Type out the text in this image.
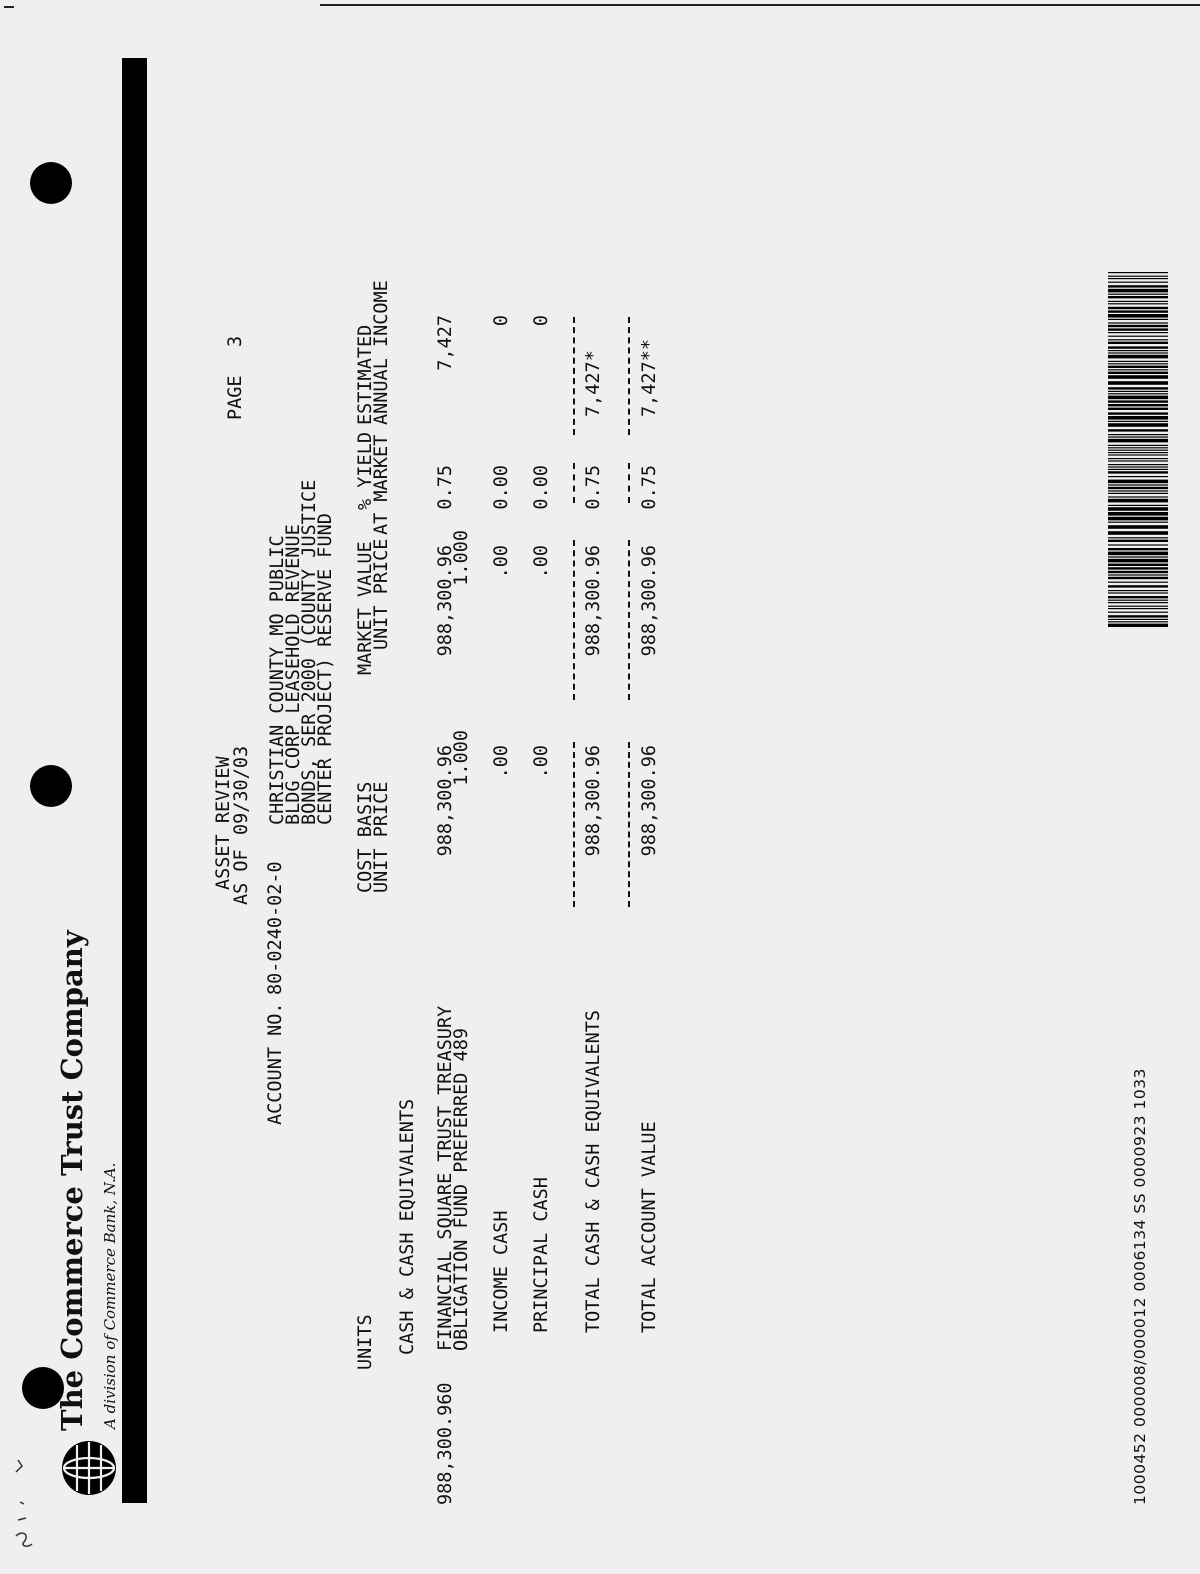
The Commerce Trust Company A division of Commerce Bank, N.A.
ACCOUNT NO.
80-0240-02-0
ASSET REVIEW
AS OF
09/30/03
PAGE
3
CHRISTIAN COUNTY MO PUBLIC
BLDG CORP LEASEHOLD REVENUE
BONDS, SER 2000 (COUNTY JUSTICE
CENTER PROJECT) RESERVE FUND
UNITS
COST BASIS
UNIT PRICE
MARKET VALUE
UNIT PRICE
% YIELD
AT MARKET
ESTIMATED
ANNUAL INCOME
CASH & CASH EQUIVALENTS
988,300.960
FINANCIAL SQUARE TRUST TREASURY
OBLIGATION FUND PREFERRED 489
988,300.96
1.000
988,300.96
1.000
0.75
7,427
INCOME CASH
.00
.00
0.00
0
PRINCIPAL CASH
.00
.00
0.00
0
TOTAL CASH & CASH EQUIVALENTS
988,300.96
988,300.96
0.75
7,427*
TOTAL ACCOUNT VALUE
988,300.96
988,300.96
0.75
7,427**
1000452 000008/000012 0006134 SS 0000923 1033
